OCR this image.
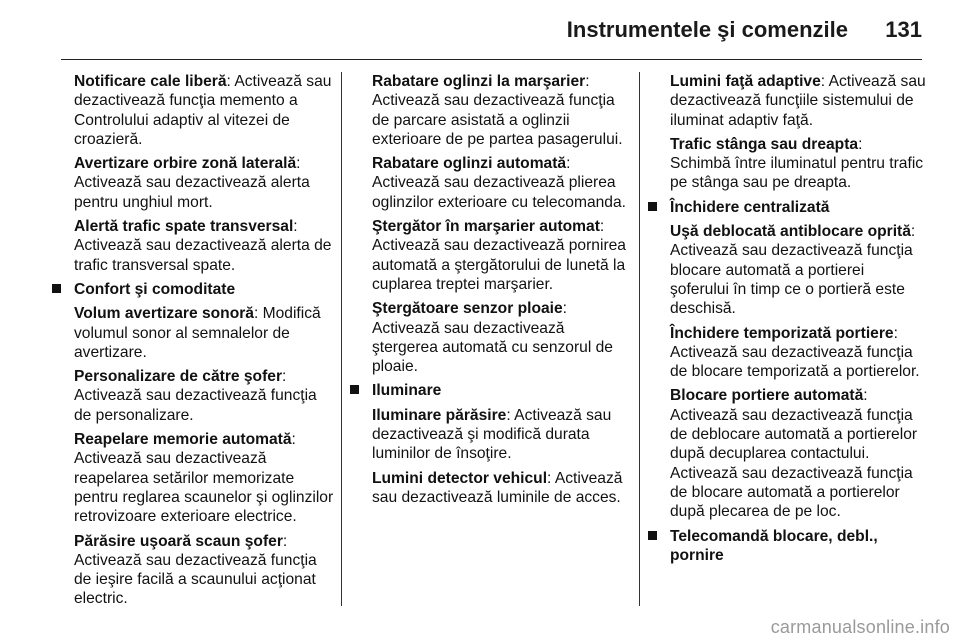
Instrumentele şi comenzile 131
Notificare cale liberă: Activează sau dezactivează funcţia memento a Controlului adaptiv al vitezei de croazieră.
Avertizare orbire zonă laterală: Activează sau dezactivează alerta pentru unghiul mort.
Alertă trafic spate transversal: Activează sau dezactivează alerta de trafic transversal spate.
Confort şi comoditate
Volum avertizare sonoră: Modifică volumul sonor al semnalelor de avertizare.
Personalizare de către şofer: Activează sau dezactivează funcţia de personalizare.
Reapelare memorie automată: Activează sau dezactivează reapelarea setărilor memorizate pentru reglarea scaunelor şi oglinzilor retrovizoare exterioare electrice.
Părăsire uşoară scaun şofer: Activează sau dezactivează funcţia de ieşire facilă a scaunului acţionat electric.
Rabatare oglinzi la marşarier: Activează sau dezactivează funcţia de parcare asistată a oglinzii exterioare de pe partea pasagerului.
Rabatare oglinzi automată: Activează sau dezactivează plierea oglinzilor exterioare cu telecomanda.
Ştergător în marşarier automat: Activează sau dezactivează pornirea automată a ştergătorului de lunetă la cuplarea treptei marşarier.
Ştergătoare senzor ploaie: Activează sau dezactivează ştergerea automată cu senzorul de ploaie.
Iluminare
Iluminare părăsire: Activează sau dezactivează şi modifică durata luminilor de însoţire.
Lumini detector vehicul: Activează sau dezactivează luminile de acces.
Lumini faţă adaptive: Activează sau dezactivează funcţiile sistemului de iluminat adaptiv faţă.
Trafic stânga sau dreapta: Schimbă între iluminatul pentru trafic pe stânga sau pe dreapta.
Închidere centralizată
Uşă deblocată antiblocare oprită: Activează sau dezactivează funcţia blocare automată a portierei şoferului în timp ce o portieră este deschisă.
Închidere temporizată portiere: Activează sau dezactivează funcţia de blocare temporizată a portierelor.
Blocare portiere automată: Activează sau dezactivează funcţia de deblocare automată a portierelor după decuplarea contactului. Activează sau dezactivează funcţia de blocare automată a portierelor după plecarea de pe loc.
Telecomandă blocare, debl., pornire
carmanualsonline.info
